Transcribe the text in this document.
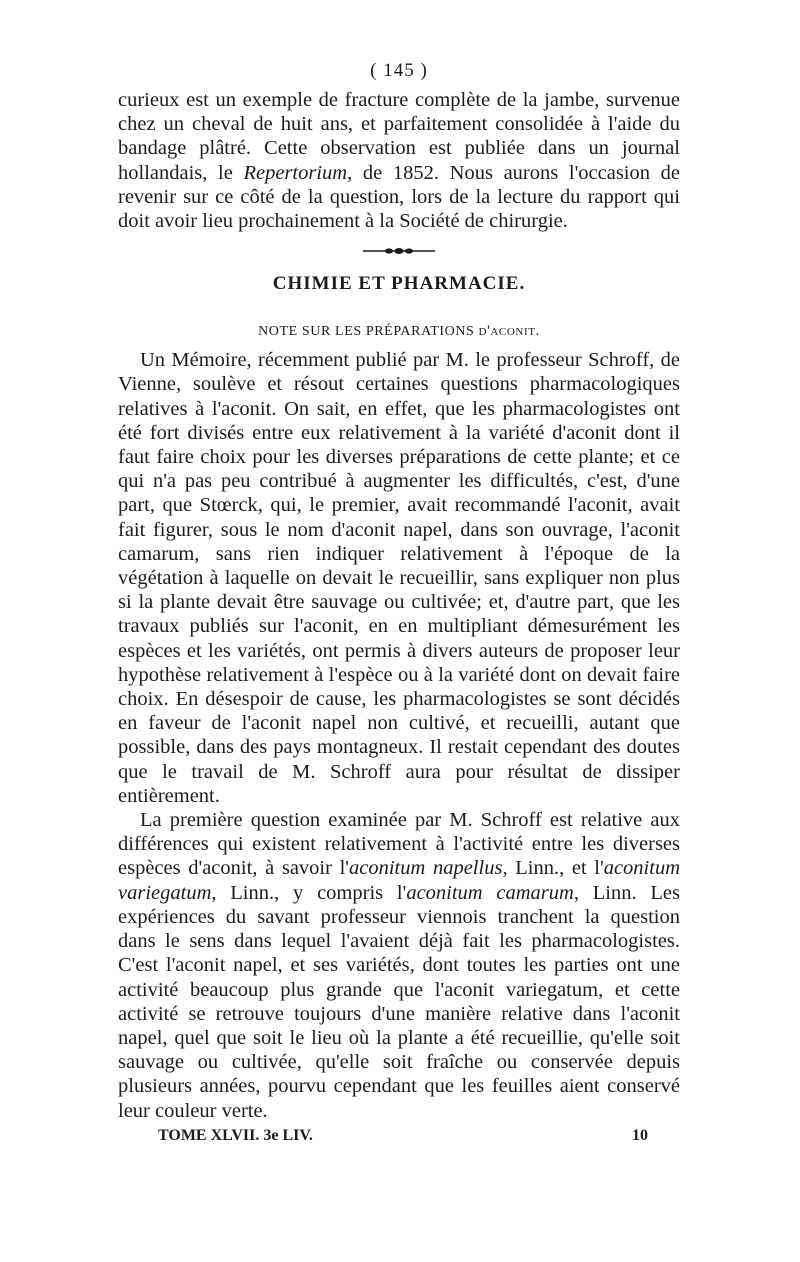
( 145 )

curieux est un exemple de fracture complète de la jambe, survenue chez un cheval de huit ans, et parfaitement consolidée à l'aide du bandage plâtré. Cette observation est publiée dans un journal hollandais, le Repertorium, de 1852. Nous aurons l'occasion de revenir sur ce côté de la question, lors de la lecture du rapport qui doit avoir lieu prochainement à la Société de chirurgie.

CHIMIE ET PHARMACIE.
NOTE SUR LES PRÉPARATIONS d'aconit.

Un Mémoire, récemment publié par M. le professeur Schroff, de Vienne, soulève et résout certaines questions pharmacologiques relatives à l'aconit. On sait, en effet, que les pharmacologistes ont été fort divisés entre eux relativement à la variété d'aconit dont il faut faire choix pour les diverses préparations de cette plante; et ce qui n'a pas peu contribué à augmenter les difficultés, c'est, d'une part, que Stœrck, qui, le premier, avait recommandé l'aconit, avait fait figurer, sous le nom d'aconit napel, dans son ouvrage, l'aconit camarum, sans rien indiquer relativement à l'époque de la végétation à laquelle on devait le recueillir, sans expliquer non plus si la plante devait être sauvage ou cultivée; et, d'autre part, que les travaux publiés sur l'aconit, en en multipliant démesurément les espèces et les variétés, ont permis à divers auteurs de proposer leur hypothèse relativement à l'espèce ou à la variété dont on devait faire choix. En désespoir de cause, les pharmacologistes se sont décidés en faveur de l'aconit napel non cultivé, et recueilli, autant que possible, dans des pays montagneux. Il restait cependant des doutes que le travail de M. Schroff aura pour résultat de dissiper entièrement.

La première question examinée par M. Schroff est relative aux différences qui existent relativement à l'activité entre les diverses espèces d'aconit, à savoir l'aconitum napellus, Linn., et l'aconitum variegatum, Linn., y compris l'aconitum camarum, Linn. Les expériences du savant professeur viennois tranchent la question dans le sens dans lequel l'avaient déjà fait les pharmacologistes. C'est l'aconit napel, et ses variétés, dont toutes les parties ont une activité beaucoup plus grande que l'aconit variegatum, et cette activité se retrouve toujours d'une manière relative dans l'aconit napel, quel que soit le lieu où la plante a été recueillie, qu'elle soit sauvage ou cultivée, qu'elle soit fraîche ou conservée depuis plusieurs années, pourvu cependant que les feuilles aient conservé leur couleur verte.

TOME XLVII. 3e LIV.	10
